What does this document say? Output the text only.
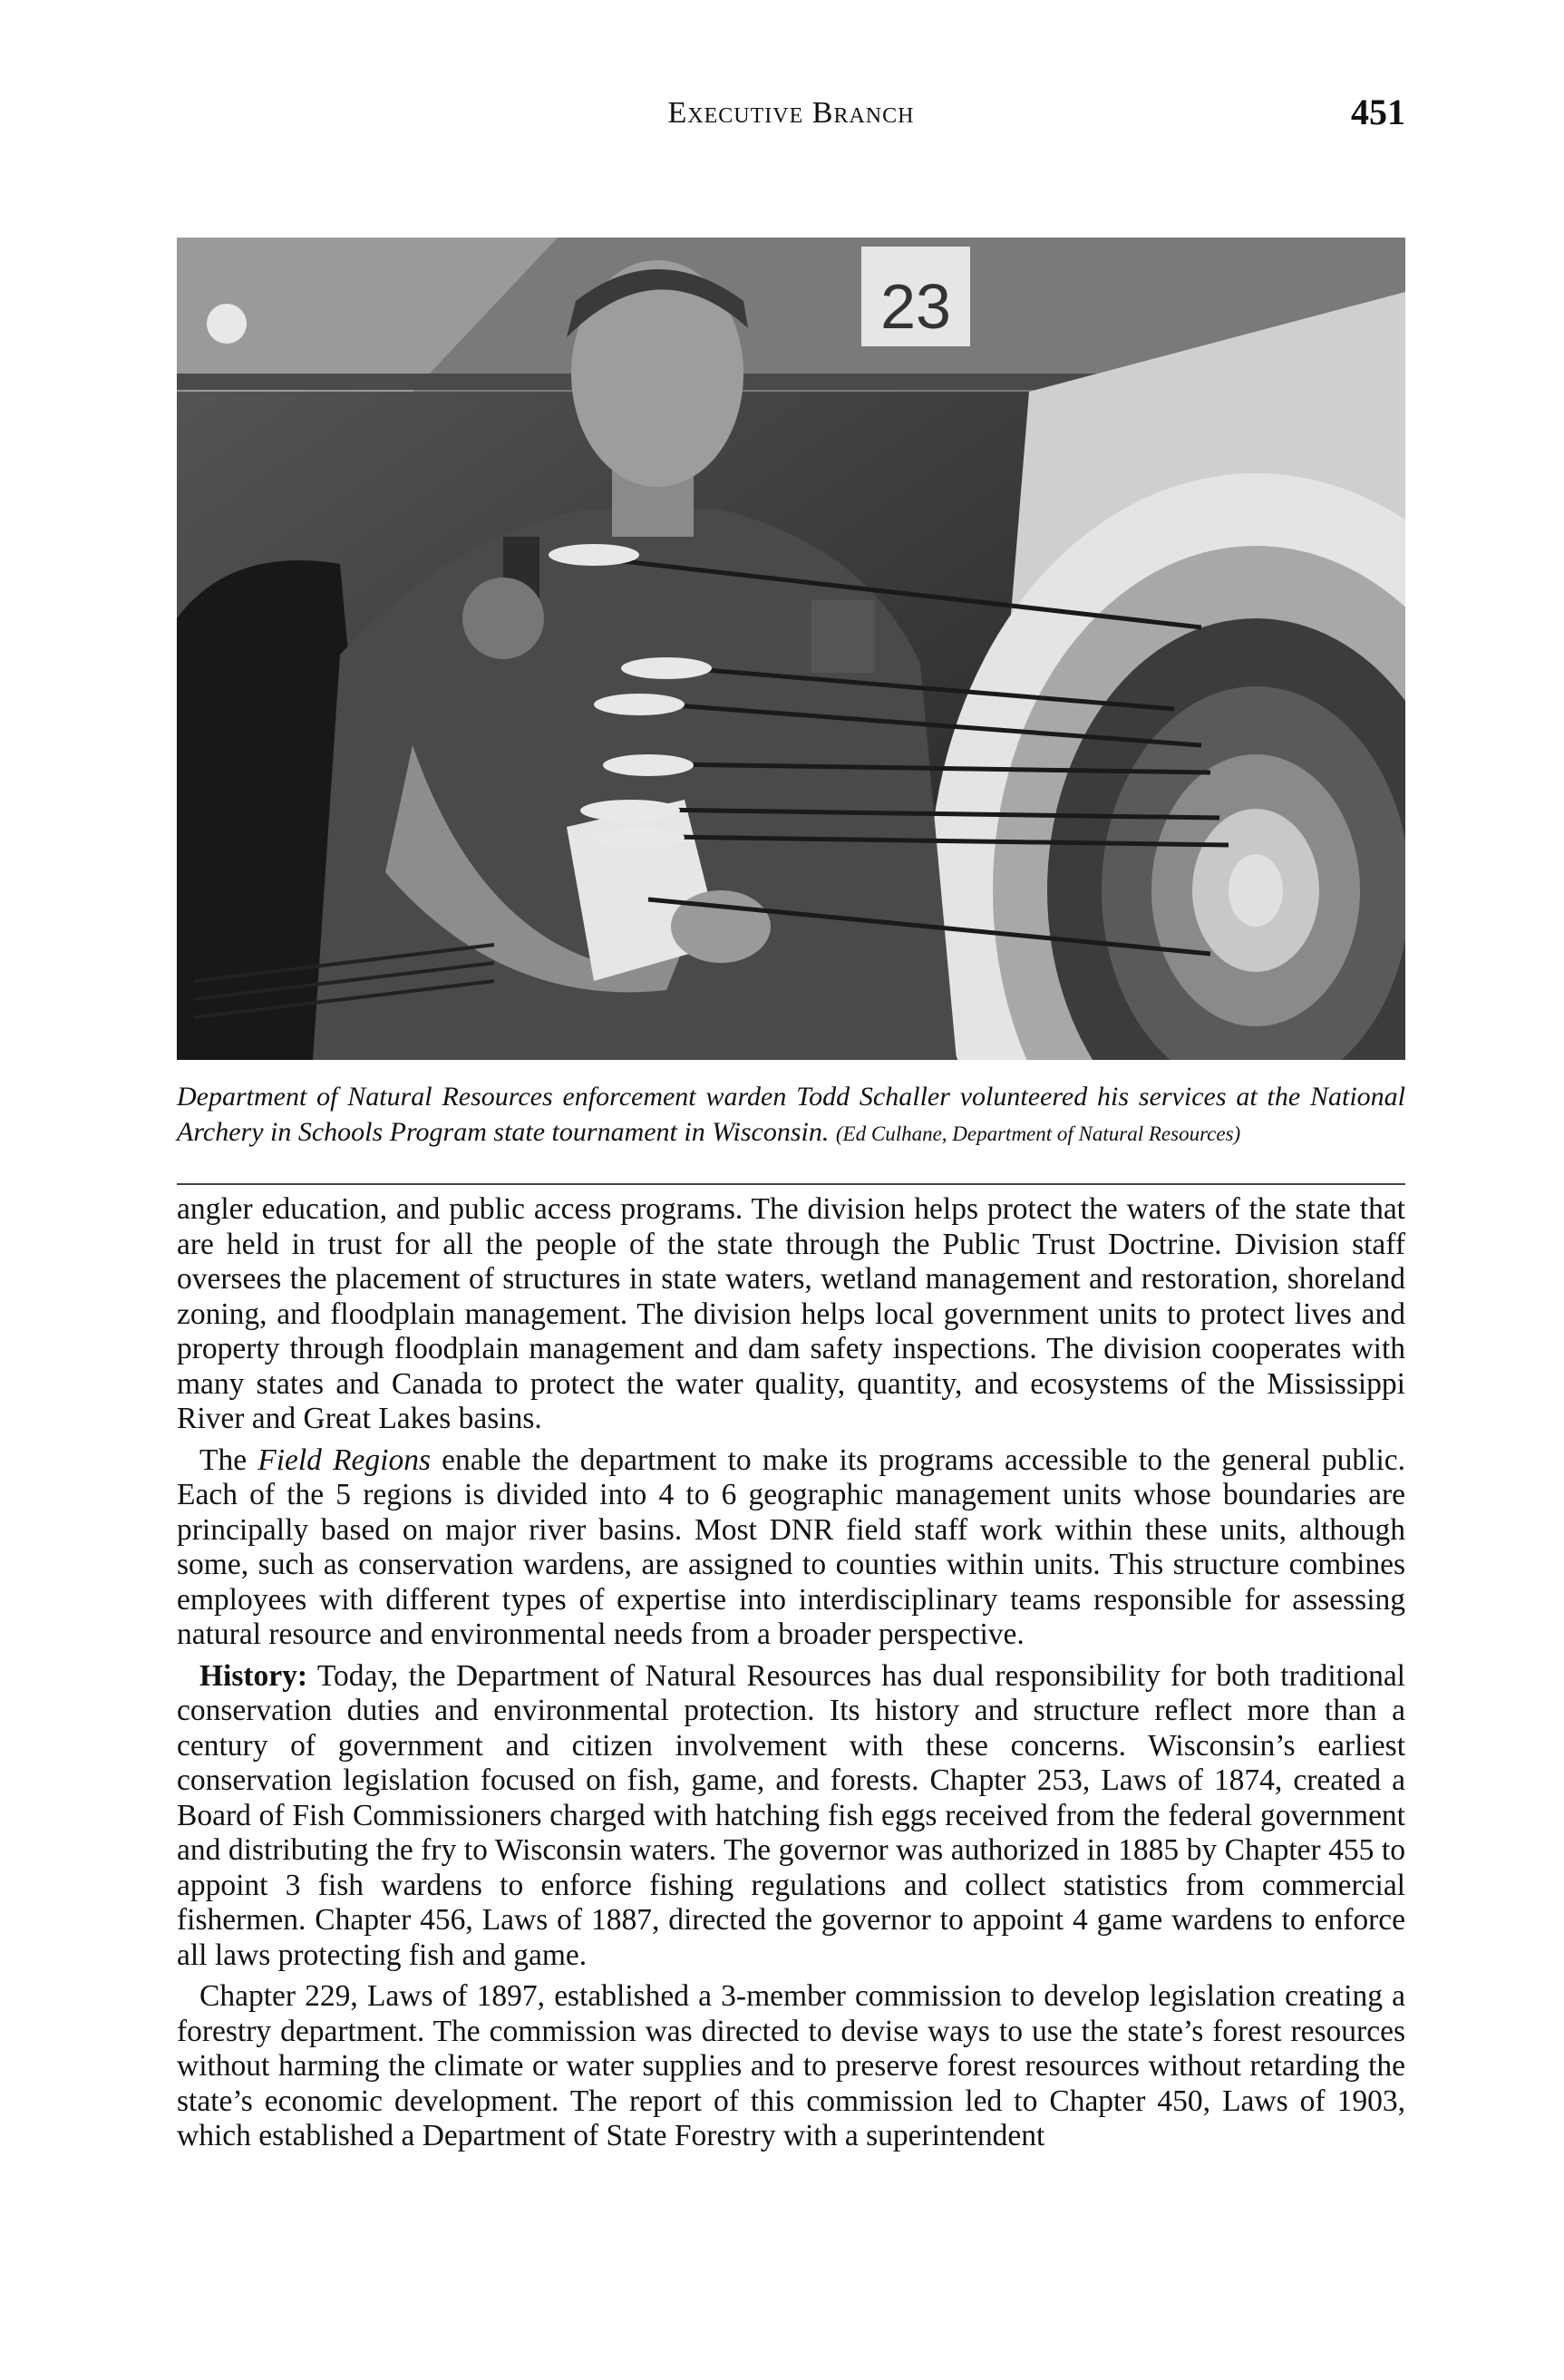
Executive Branch	451
23
Department of Natural Resources enforcement warden Todd Schaller volunteered his services at the National Archery in Schools Program state tournament in Wisconsin. (Ed Culhane, Department of Natural Resources)

angler education, and public access programs. The division helps protect the waters of the state that are held in trust for all the people of the state through the Public Trust Doctrine. Division staff oversees the placement of structures in state waters, wetland management and restoration, shoreland zoning, and floodplain management. The division helps local government units to protect lives and property through floodplain management and dam safety inspections. The division cooperates with many states and Canada to protect the water quality, quantity, and ecosystems of the Mississippi River and Great Lakes basins.

The Field Regions enable the department to make its programs accessible to the general public. Each of the 5 regions is divided into 4 to 6 geographic management units whose boundaries are principally based on major river basins. Most DNR field staff work within these units, although some, such as conservation wardens, are assigned to counties within units. This structure combines employees with different types of expertise into interdisciplinary teams responsible for assessing natural resource and environmental needs from a broader perspective.

History: Today, the Department of Natural Resources has dual responsibility for both traditional conservation duties and environmental protection. Its history and structure reflect more than a century of government and citizen involvement with these concerns. Wisconsin’s earliest conservation legislation focused on fish, game, and forests. Chapter 253, Laws of 1874, created a Board of Fish Commissioners charged with hatching fish eggs received from the federal government and distributing the fry to Wisconsin waters. The governor was authorized in 1885 by Chapter 455 to appoint 3 fish wardens to enforce fishing regulations and collect statistics from commercial fishermen. Chapter 456, Laws of 1887, directed the governor to appoint 4 game wardens to enforce all laws protecting fish and game.

Chapter 229, Laws of 1897, established a 3-member commission to develop legislation creating a forestry department. The commission was directed to devise ways to use the state’s forest resources without harming the climate or water supplies and to preserve forest resources without retarding the state’s economic development. The report of this commission led to Chapter 450, Laws of 1903, which established a Department of State Forestry with a superintendent
